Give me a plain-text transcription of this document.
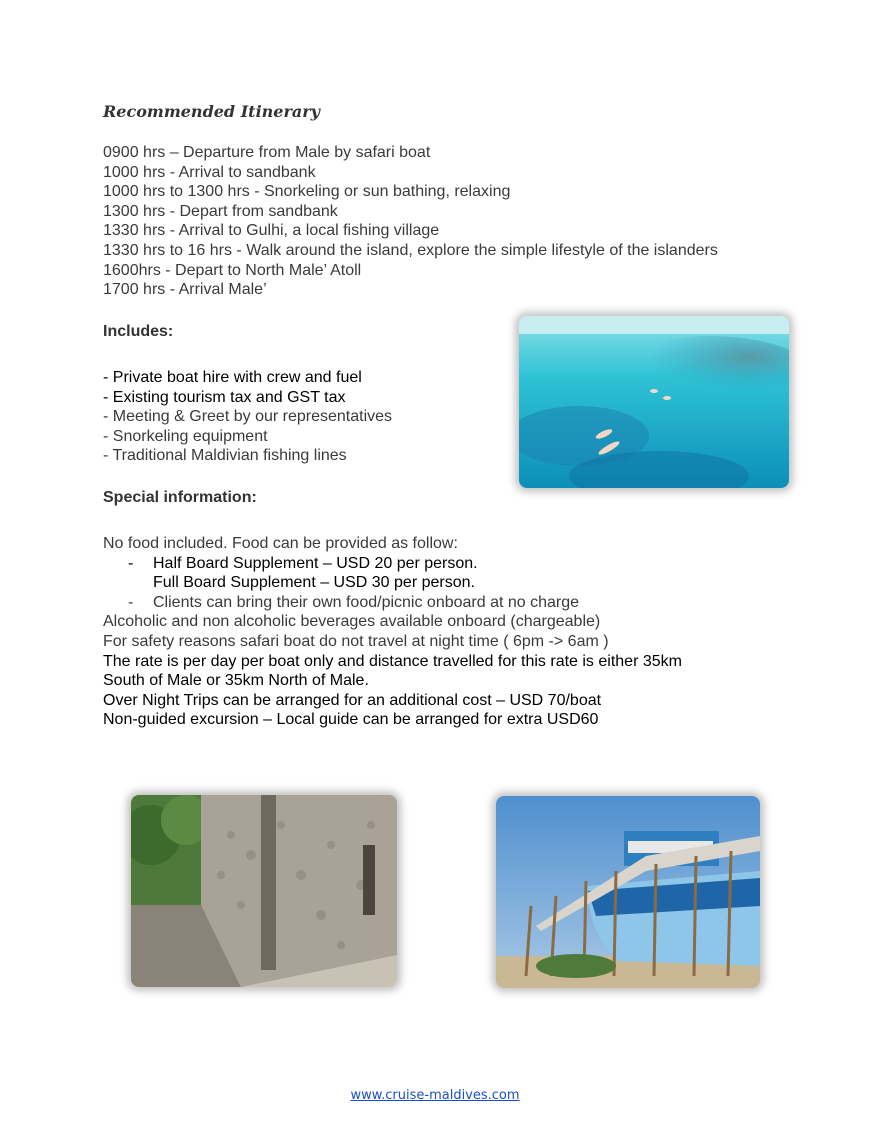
Recommended Itinerary
0900 hrs – Departure from Male by safari boat
1000 hrs - Arrival to sandbank
1000 hrs to 1300 hrs - Snorkeling or sun bathing, relaxing
1300 hrs - Depart from sandbank
1330 hrs - Arrival to Gulhi, a local fishing village
1330 hrs to 16 hrs - Walk around the island, explore the simple lifestyle of the islanders
1600hrs - Depart to North Male’ Atoll
1700 hrs - Arrival Male’
Includes:
- Private boat hire with crew and fuel
- Existing tourism tax and GST tax
- Meeting & Greet by our representatives
- Snorkeling equipment
- Traditional Maldivian fishing lines
Special information:
No food included. Food can be provided as follow:
- Half Board Supplement – USD 20 per person.
Full Board Supplement – USD 30 per person.
- Clients can bring their own food/picnic onboard at no charge
Alcoholic and non alcoholic beverages available onboard (chargeable)
For safety reasons safari boat do not travel at night time ( 6pm -> 6am )
The rate is per day per boat only and distance travelled for this rate is either 35km
South of Male or 35km North of Male.
Over Night Trips can be arranged for an additional cost – USD 70/boat
Non-guided excursion – Local guide can be arranged for extra USD60
www.cruise-maldives.com
